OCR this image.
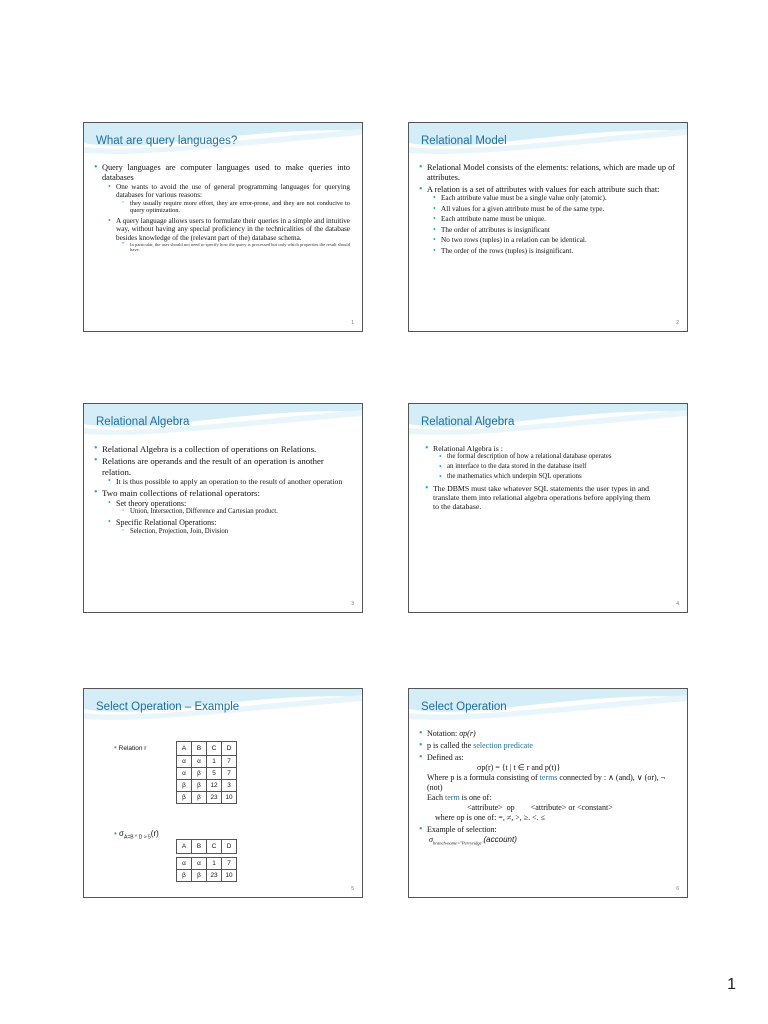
What are query languages?
• Query languages are computer languages used to make queries into databases
• One wants to avoid the use of general programming languages for querying databases for various reasons:
▫ they usually require more effort, they are error-prone, and they are not conducive to query optimization.
• A query language allows users to formulate their queries in a simple and intuitive way, without having any special proficiency in the technicalities of the database besides knowledge of the (relevant part of the) database schema.
• In particular, the user should not need to specify how the query is processed but only which properties the result should have.
1
Relational Model
• Relational Model consists of the elements: relations, which are made up of attributes.
• A relation is a set of attributes with values for each attribute such that:
• Each attribute value must be a single value only (atomic).
• All values for a given attribute must be of the same type.
• Each attribute name must be unique.
• The order of attributes is insignificant
• No two rows (tuples) in a relation can be identical.
• The order of the rows (tuples) is insignificant.
2
Relational Algebra
• Relational Algebra is a collection of operations on Relations.
• Relations are operands and the result of an operation is another relation.
• It is thus possible to apply an operation to the result of another operation
• Two main collections of relational operators:
• Set theory operations:
▫ Union, Intersection, Difference and Cartesian product.
• Specific Relational Operations:
▫ Selection, Projection, Join, Division
3
Relational Algebra
• Relational Algebra is :
• the formal description of how a relational database operates
• an interface to the data stored in the database itself
• the mathematics which underpin SQL operations
• The DBMS must take whatever SQL statements the user types in and translate them into relational algebra operations before applying them to the database.
4
Select Operation – Example
• Relation r	A	B	C	D
α	α	1	7
α	β	5	7
β	β	12	3
β	β	23	10
• $\sigma_{A=B \^{} D > 5}(r)$
A	B	C	D

α	α	1	7
β	β	23	10
5
Select Operation
• Notation: σp(r)
• p is called the selection predicate
• Defined as:
σp(r) = {t | t ∈ r and p(t)}
Where p is a formula consisting of terms connected by : ∧ (and), ∨ (or), ¬ (not)
Each term is one of:
<attribute>  op        <attribute> or <constant>
where op is one of: =, ≠, >, ≥. <. ≤
• Example of selection:
$\sigma_{branch-name="Perryridge"}(account)$
6
1
